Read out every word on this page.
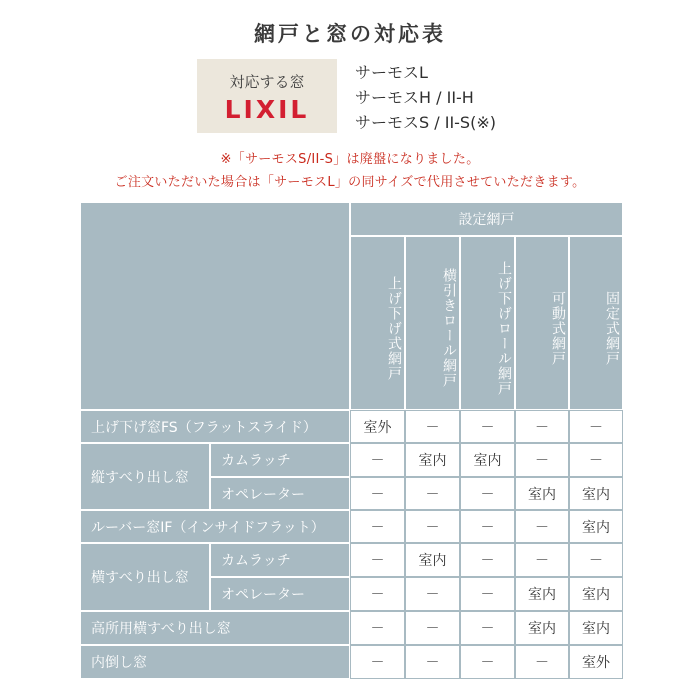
網戸と窓の対応表
対応する窓
LIXIL
サーモスL
サーモスH / II-H
サーモスS / II-S(※)
※「サーモスS/II-S」は廃盤になりました。
ご注文いただいた場合は「サーモスL」の同サイズで代用させていただきます。
設定網戸
上げ下げ式網戸	横引きロール網戸	上げ下げロール網戸	可動式網戸	固定式網戸
上げ下げ窓FS（フラットスライド）	室外	－	－	－	－
縦すべり出し窓
カムラッチ	－	室内	室内	－	－
オペレーター	－	－	－	室内	室内
ルーバー窓IF（インサイドフラット）	－	－	－	－	室内
横すべり出し窓
カムラッチ	－	室内	－	－	－
オペレーター	－	－	－	室内	室内
高所用横すべり出し窓	－	－	－	室内	室内
内倒し窓	－	－	－	－	室外
